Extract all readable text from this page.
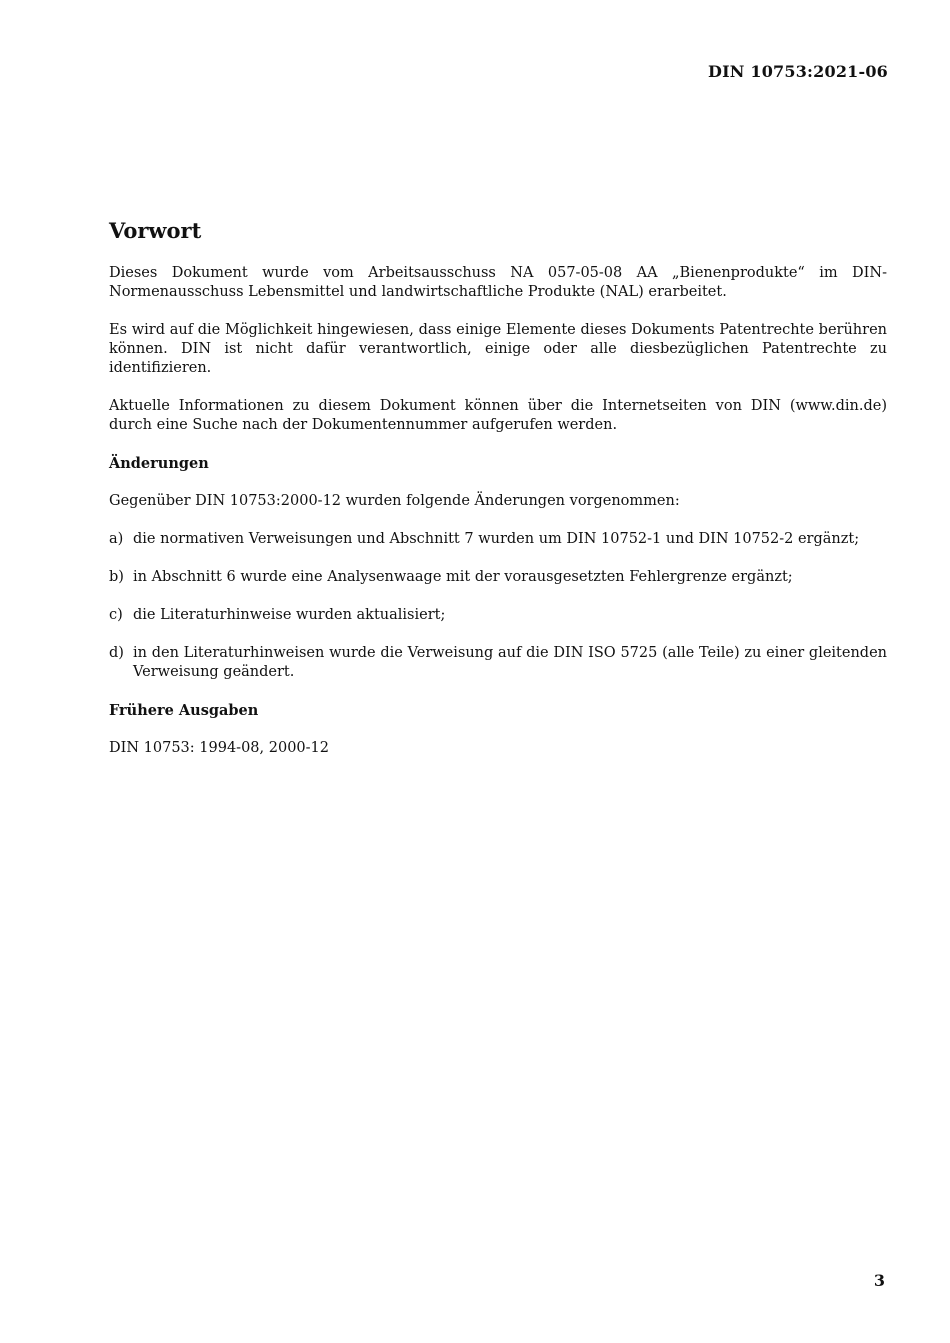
DIN 10753:2021-06
Vorwort

Dieses Dokument wurde vom Arbeitsausschuss NA 057-05-08 AA „Bienenprodukte“ im DIN-Normenausschuss Lebensmittel und landwirtschaftliche Produkte (NAL) erarbeitet.

Es wird auf die Möglichkeit hingewiesen, dass einige Elemente dieses Dokuments Patentrechte berühren können. DIN ist nicht dafür verantwortlich, einige oder alle diesbezüglichen Patentrechte zu identifizieren.

Aktuelle Informationen zu diesem Dokument können über die Internetseiten von DIN (www.din.de) durch eine Suche nach der Dokumentennummer aufgerufen werden.

Änderungen

Gegenüber DIN 10753:2000-12 wurden folgende Änderungen vorgenommen:

a) die normativen Verweisungen und Abschnitt 7 wurden um DIN 10752-1 und DIN 10752-2 ergänzt;
b) in Abschnitt 6 wurde eine Analysenwaage mit der vorausgesetzten Fehlergrenze ergänzt;
c) die Literaturhinweise wurden aktualisiert;
d) in den Literaturhinweisen wurde die Verweisung auf die DIN ISO 5725 (alle Teile) zu einer gleitenden Verweisung geändert.
Frühere Ausgaben

DIN 10753: 1994-08, 2000-12

3
